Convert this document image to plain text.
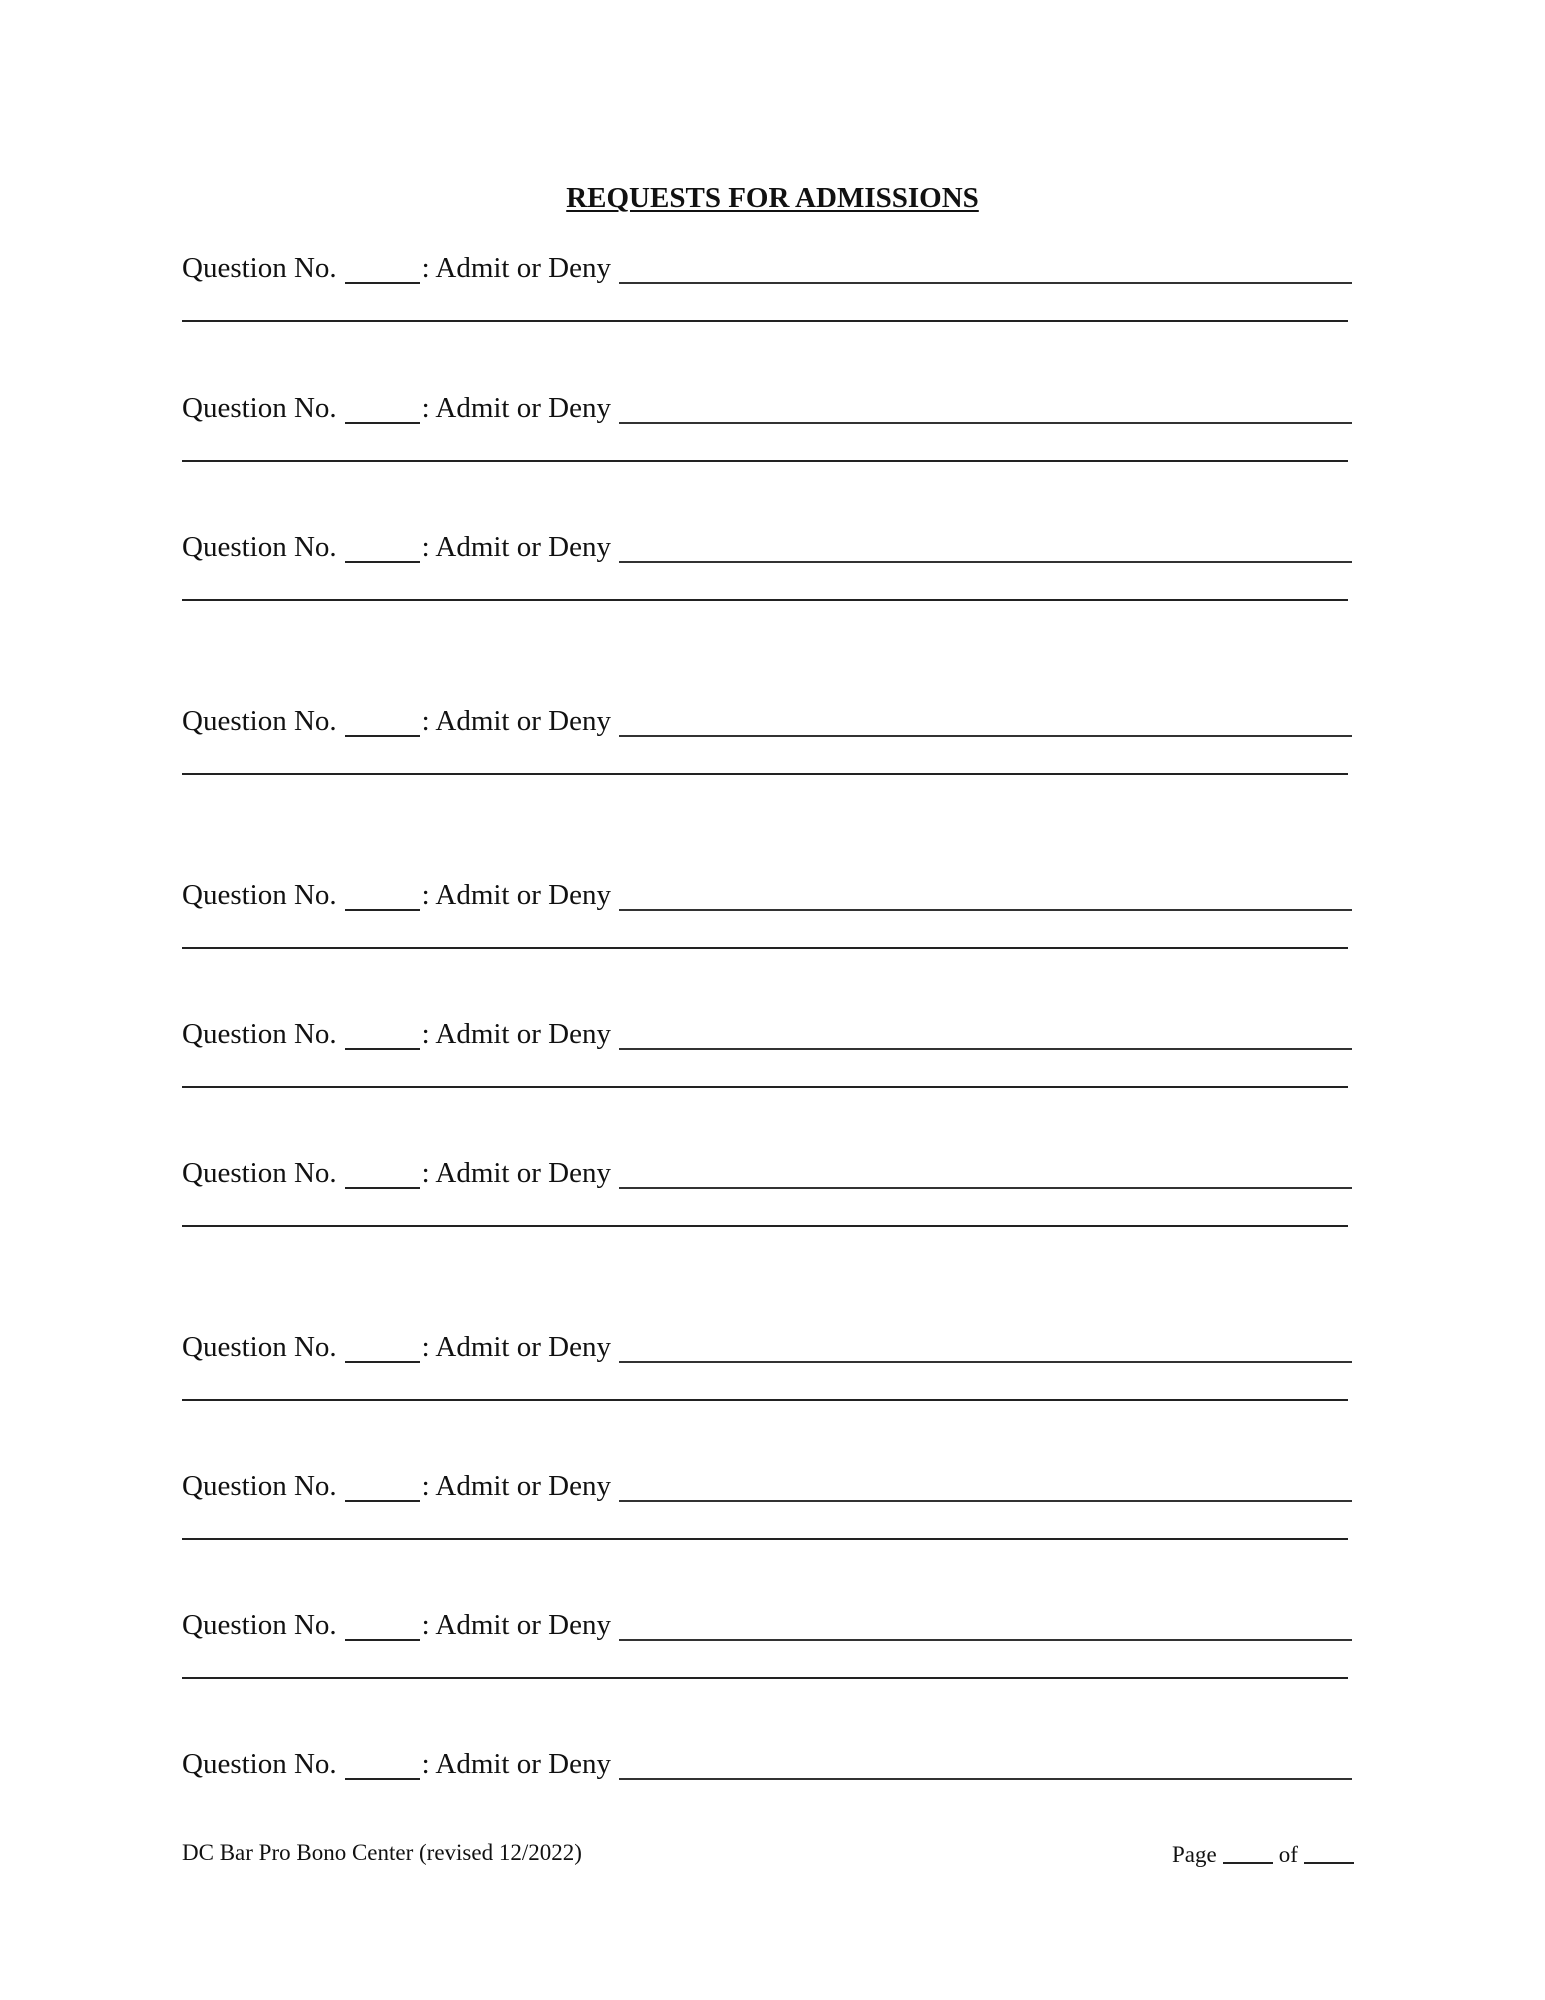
REQUESTS FOR ADMISSIONS
Question No.	: Admit or Deny
Question No.	: Admit or Deny
Question No.	: Admit or Deny
Question No.	: Admit or Deny
Question No.	: Admit or Deny
Question No.	: Admit or Deny
Question No.	: Admit or Deny
Question No.	: Admit or Deny
Question No.	: Admit or Deny
Question No.	: Admit or Deny
Question No.	: Admit or Deny
DC Bar Pro Bono Center (revised 12/2022)	Page	of
